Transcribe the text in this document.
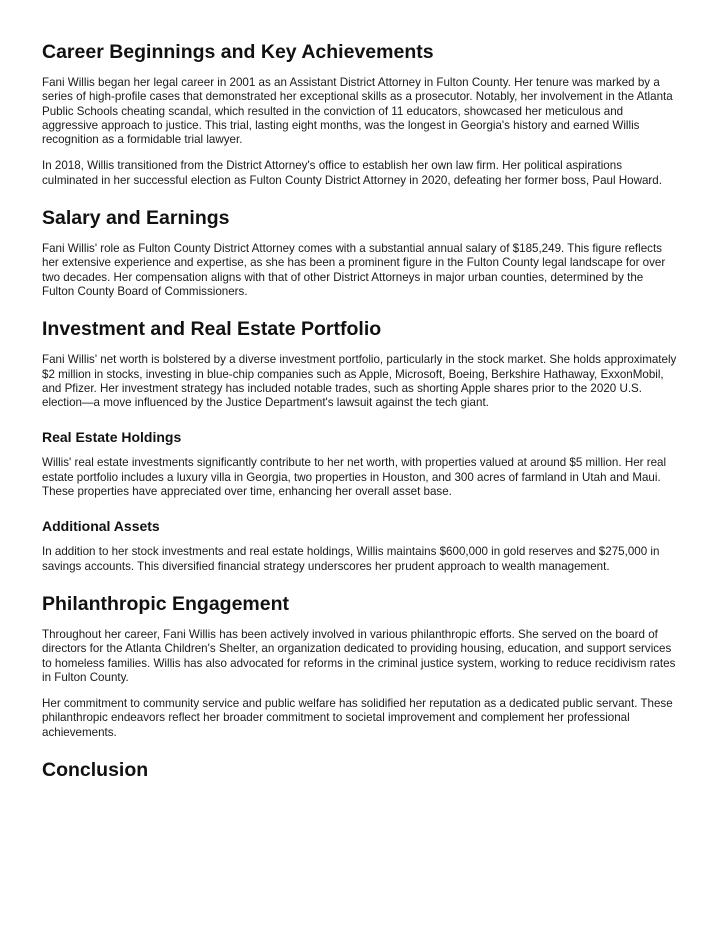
Career Beginnings and Key Achievements

Fani Willis began her legal career in 2001 as an Assistant District Attorney in Fulton County. Her tenure was marked by a series of high-profile cases that demonstrated her exceptional skills as a prosecutor. Notably, her involvement in the Atlanta Public Schools cheating scandal, which resulted in the conviction of 11 educators, showcased her meticulous and aggressive approach to justice. This trial, lasting eight months, was the longest in Georgia's history and earned Willis recognition as a formidable trial lawyer.

In 2018, Willis transitioned from the District Attorney's office to establish her own law firm. Her political aspirations culminated in her successful election as Fulton County District Attorney in 2020, defeating her former boss, Paul Howard.

Salary and Earnings

Fani Willis' role as Fulton County District Attorney comes with a substantial annual salary of $185,249. This figure reflects her extensive experience and expertise, as she has been a prominent figure in the Fulton County legal landscape for over two decades. Her compensation aligns with that of other District Attorneys in major urban counties, determined by the Fulton County Board of Commissioners.

Investment and Real Estate Portfolio

Fani Willis' net worth is bolstered by a diverse investment portfolio, particularly in the stock market. She holds approximately $2 million in stocks, investing in blue-chip companies such as Apple, Microsoft, Boeing, Berkshire Hathaway, ExxonMobil, and Pfizer. Her investment strategy has included notable trades, such as shorting Apple shares prior to the 2020 U.S. election—a move influenced by the Justice Department's lawsuit against the tech giant.

Real Estate Holdings

Willis' real estate investments significantly contribute to her net worth, with properties valued at around $5 million. Her real estate portfolio includes a luxury villa in Georgia, two properties in Houston, and 300 acres of farmland in Utah and Maui. These properties have appreciated over time, enhancing her overall asset base.

Additional Assets

In addition to her stock investments and real estate holdings, Willis maintains $600,000 in gold reserves and $275,000 in savings accounts. This diversified financial strategy underscores her prudent approach to wealth management.

Philanthropic Engagement

Throughout her career, Fani Willis has been actively involved in various philanthropic efforts. She served on the board of directors for the Atlanta Children's Shelter, an organization dedicated to providing housing, education, and support services to homeless families. Willis has also advocated for reforms in the criminal justice system, working to reduce recidivism rates in Fulton County.

Her commitment to community service and public welfare has solidified her reputation as a dedicated public servant. These philanthropic endeavors reflect her broader commitment to societal improvement and complement her professional achievements.

Conclusion
